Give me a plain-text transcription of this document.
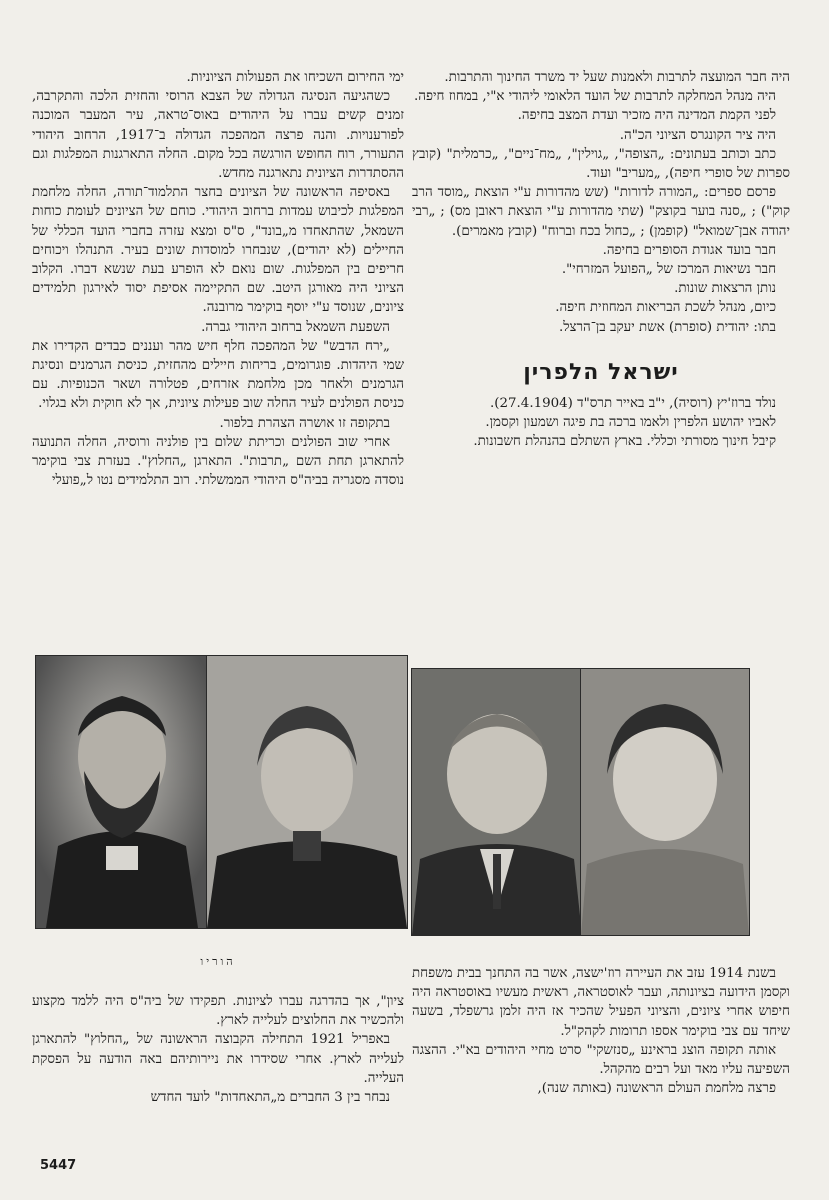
היה חבר המועצה לתרבות ולאמנות שעל יד משרד החינוך והתרבות.

היה מנהל המחלקה לתרבות של הועד הלאומי ליהודי א"י, במחוז חיפה.

לפני הקמת המדינה היה מזכיר ועדת המצב בחיפה.

היה ציר הקונגרס הציוני הכ"ה.

כתב וכותב בעתונים: „הצופה", „גוילין", „מח־ניים", „כרמלית" (קובץ ספרות של סופרי חיפה), „מעריב" ועוד.

פרסם ספרים: „המורה לדורות" (שש מהדורות ע"י הוצאת „מוסד הרב קוק") ; „סנה בוער בקוצק" (שתי מהדורות ע"י הוצאת ראובן מס) ; „רבי יהודה אבן־שמואל" (קופמן) ; „כחול בכח וברוח" (קובץ מאמרים).

חבר בועד אגודת הסופרים בחיפה.

חבר נשיאות המרכז של „הפועל המזרחי".

נותן הרצאות שונות.

כיום, מנהל לשכת הבריאות המחוזית חיפה.

בתו: יהודית (סופרת) אשת יעקב בן־הרצל.

ישראל הלפרין

נולד ברוז'יץ (רוסיה), י"ב באייר תרס"ד (27.4.1904).

לאביו יהושע הלפרין ולאמו ברכה בת פיגה ושמעון וקסמן.

קיבל חינוך מסורתי וכללי. בארץ השתלם בהנהלת חשבונות.

ימי החירום השכיחו את הפעולות הציוניות.

כשהגיעה הנסיגה הגדולה של הצבא הרוסי והחזית הלכה והתקרבה, זמנים קשים עברו על היהודים באוס־טראה, עיר המעבר המוכנה לפורענויות. והנה פרצה המהפכה הגדולה ב־1917, הרחוב היהודי התעורר, רוח החופש הורגשה בכל מקום. החלה התארגנות המפלגות וגם ההסתדרות הציונית נתארגנה מחדש.

באסיפה הראשונה של הציונים בחצר התלמוד־תורה, החלה מלחמת המפלגות לכיבוש עמדות ברחוב היהודי. כוחם של הציונים לעומת כוחות השמאל, שהתאחדו מ„בונד", ס"ס ומצא עזרה בחברי הועד הכללי של החיילים (לא יהודים), שנבחרו למוסדות שונים בעיר. התנהלו ויכוחים חריפים בין המפלגות. שום נואם לא הופרע בעת שנשא דברו. הקלוב הציוני היה מאורגן היטב. שם התקיימה אסיפת יסוד לאירגון תלמידים ציונים, שנוסד ע"י יוסף בוקימר מרובנה.

השפעת השמאל ברחוב היהודי גברה.

„ירח הדבש" של המהפכה חלף חיש מהר ועננים כבדים הקדירו את שמי היהדות. פוגרומים, בריחות חיילים מהחזית, כניסת הגרמנים ונסיגת הגרמנים ולאחר מכן מלחמת אזרחים, פטלורה ושאר הכנופיות. עם כניסת הפולנים לעיר החלה שוב פעילות ציונית, אך לא חוקית ולא בגלוי.

בתקופה זו אושרה הצהרת בלפור.

אחרי שוב הפולנים וכריתת שלום בין פולניה ורוסיה, החלה התנועה להתארגן תחת השם „תרבות". התארגן „החלוץ". בעזרת צבי בוקימר נוסדה מסגריה בביה"ס היהודי הממשלתי. רוב התלמידים נטו ל„פועלי

הוריו

בשנת 1914 עזב את העיירה רוז'ישצה, אשר בה התחנך בבית משפחת וקסמן הידועה בציונותה, ועבר לאוסטראה, ראשית מעשיו באוסטראה היה חיפוש אחרי ציונים, והציוני הפעיל שהכיר אז היה זלמן גרשפלד, בשעה שיחד עם צבי בוקימר אספו תרומות לקהק"ל.

אותה תקופה הוצג בראינע „סנזשקי" סרט מחיי היהודים בא"י. ההצגה השפיעה עליו מאד ועל רבים מהקהל.

פרצה מלחמת העולם הראשונה (באותה שנה),

ציון", אך בהדרגה עברו לציונות. תפקידו של ביה"ס היה ללמד מקצוע ולהכשיר את החלוצים לעלייה לארץ.

באפריל 1921 התחילה הקבוצה הראשונה של „החלוץ" להתארגן לעלייה לארץ. אחרי שסידרו את ניירותיהם באה הודעה על הפסקת העלייה.

נבחר בין 3 החברים מ„התאחדות" לועד החדש

5447
